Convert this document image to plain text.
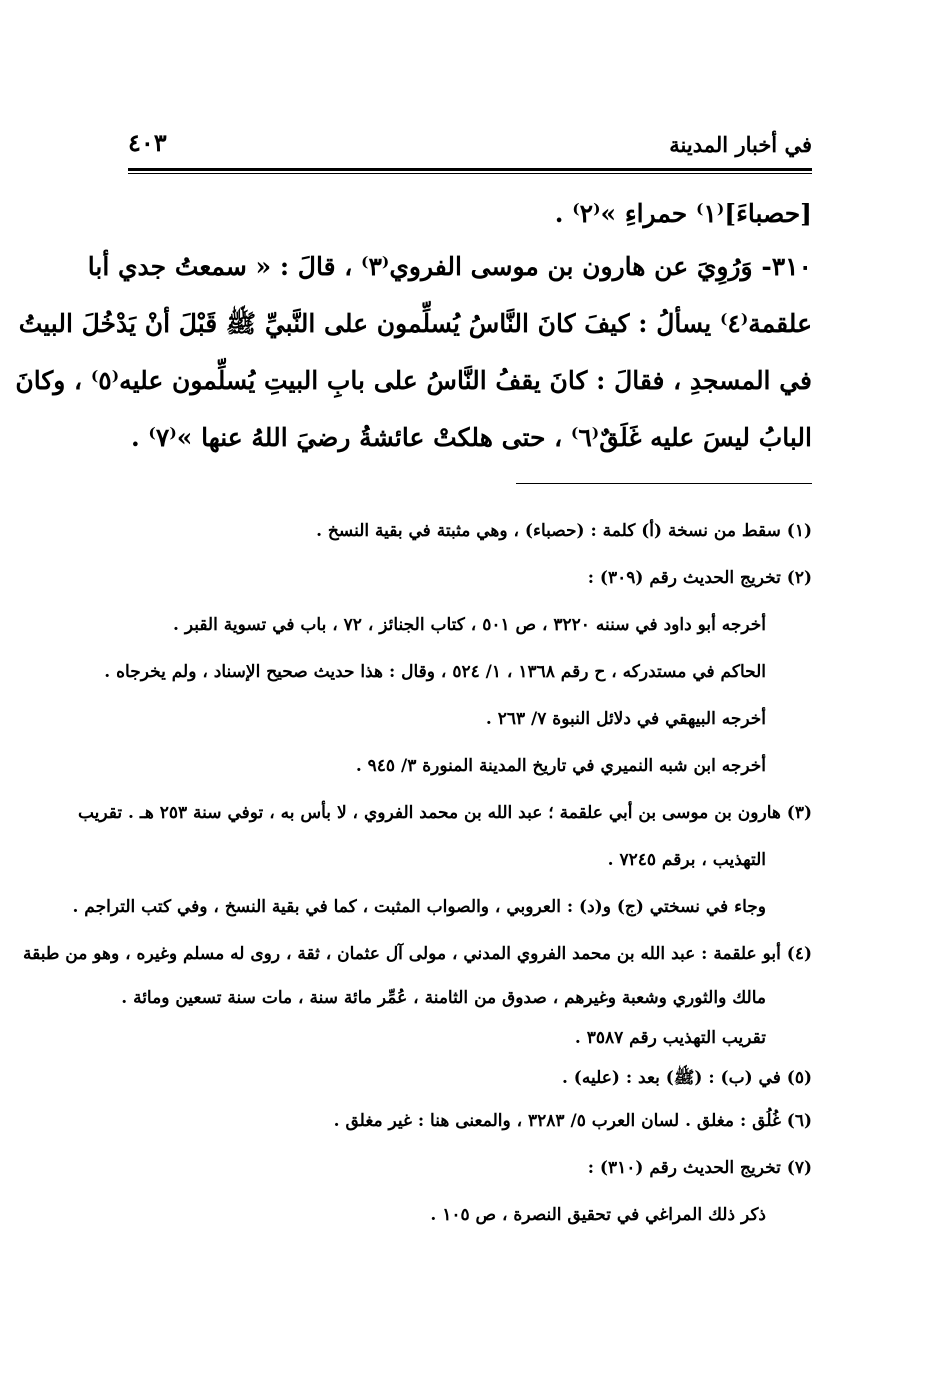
في أخبار المدينة
٤٠٣
[حصباءَ]⁽١⁾ حمراءِ »⁽٢⁾ .
٣١٠- وَرُوِيَ عن هارون بن موسى الفروي⁽٣⁾ ، قالَ : « سمعتُ جدي أبا
علقمة⁽٤⁾ يسألُ : كيفَ كانَ النَّاسُ يُسلِّمون على النَّبيِّ ﷺ قَبْلَ أنْ يَدْخُلَ البيتُ
في المسجدِ ، فقالَ : كانَ يقفُ النَّاسُ على بابِ البيتِ يُسلِّمون عليه⁽٥⁾ ، وكانَ
البابُ ليسَ عليه غَلَقٌ⁽٦⁾ ، حتى هلكتْ عائشةُ رضيَ اللهُ عنها »⁽٧⁾ .
(١) سقط من نسخة (أ) كلمة : (حصباء) ، وهي مثبتة في بقية النسخ .
(٢) تخريج الحديث رقم (٣٠٩) :
أخرجه أبو داود في سننه ٣٢٢٠ ، ص ٥٠١ ، كتاب الجنائز ، ٧٢ ، باب في تسوية القبر .
الحاكم في مستدركه ، ح رقم ١٣٦٨ ، ١/ ٥٢٤ ، وقال : هذا حديث صحيح الإسناد ، ولم يخرجاه .
أخرجه البيهقي في دلائل النبوة ٧/ ٢٦٣ .
أخرجه ابن شبه النميري في تاريخ المدينة المنورة ٣/ ٩٤٥ .
(٣) هارون بن موسى بن أبي علقمة ؛ عبد الله بن محمد الفروي ، لا بأس به ، توفي سنة ٢٥٣ هـ . تقريب
التهذيب ، برقم ٧٢٤٥ .
وجاء في نسختي (ج) و(د) : العروبي ، والصواب المثبت ، كما في بقية النسخ ، وفي كتب التراجم .
(٤) أبو علقمة : عبد الله بن محمد الفروي المدني ، مولى آل عثمان ، ثقة ، روى له مسلم وغيره ، وهو من طبقة
مالك والثوري وشعبة وغيرهم ، صدوق من الثامنة ، عُمِّر مائة سنة ، مات سنة تسعين ومائة .
تقريب التهذيب رقم ٣٥٨٧ .
(٥) في (ب) : (ﷺ) بعد : (عليه) .
(٦) غُلُق : مغلق . لسان العرب ٥/ ٣٢٨٣ ، والمعنى هنا : غير مغلق .
(٧) تخريج الحديث رقم (٣١٠) :
ذكر ذلك المراغي في تحقيق النصرة ، ص ١٠٥ .
